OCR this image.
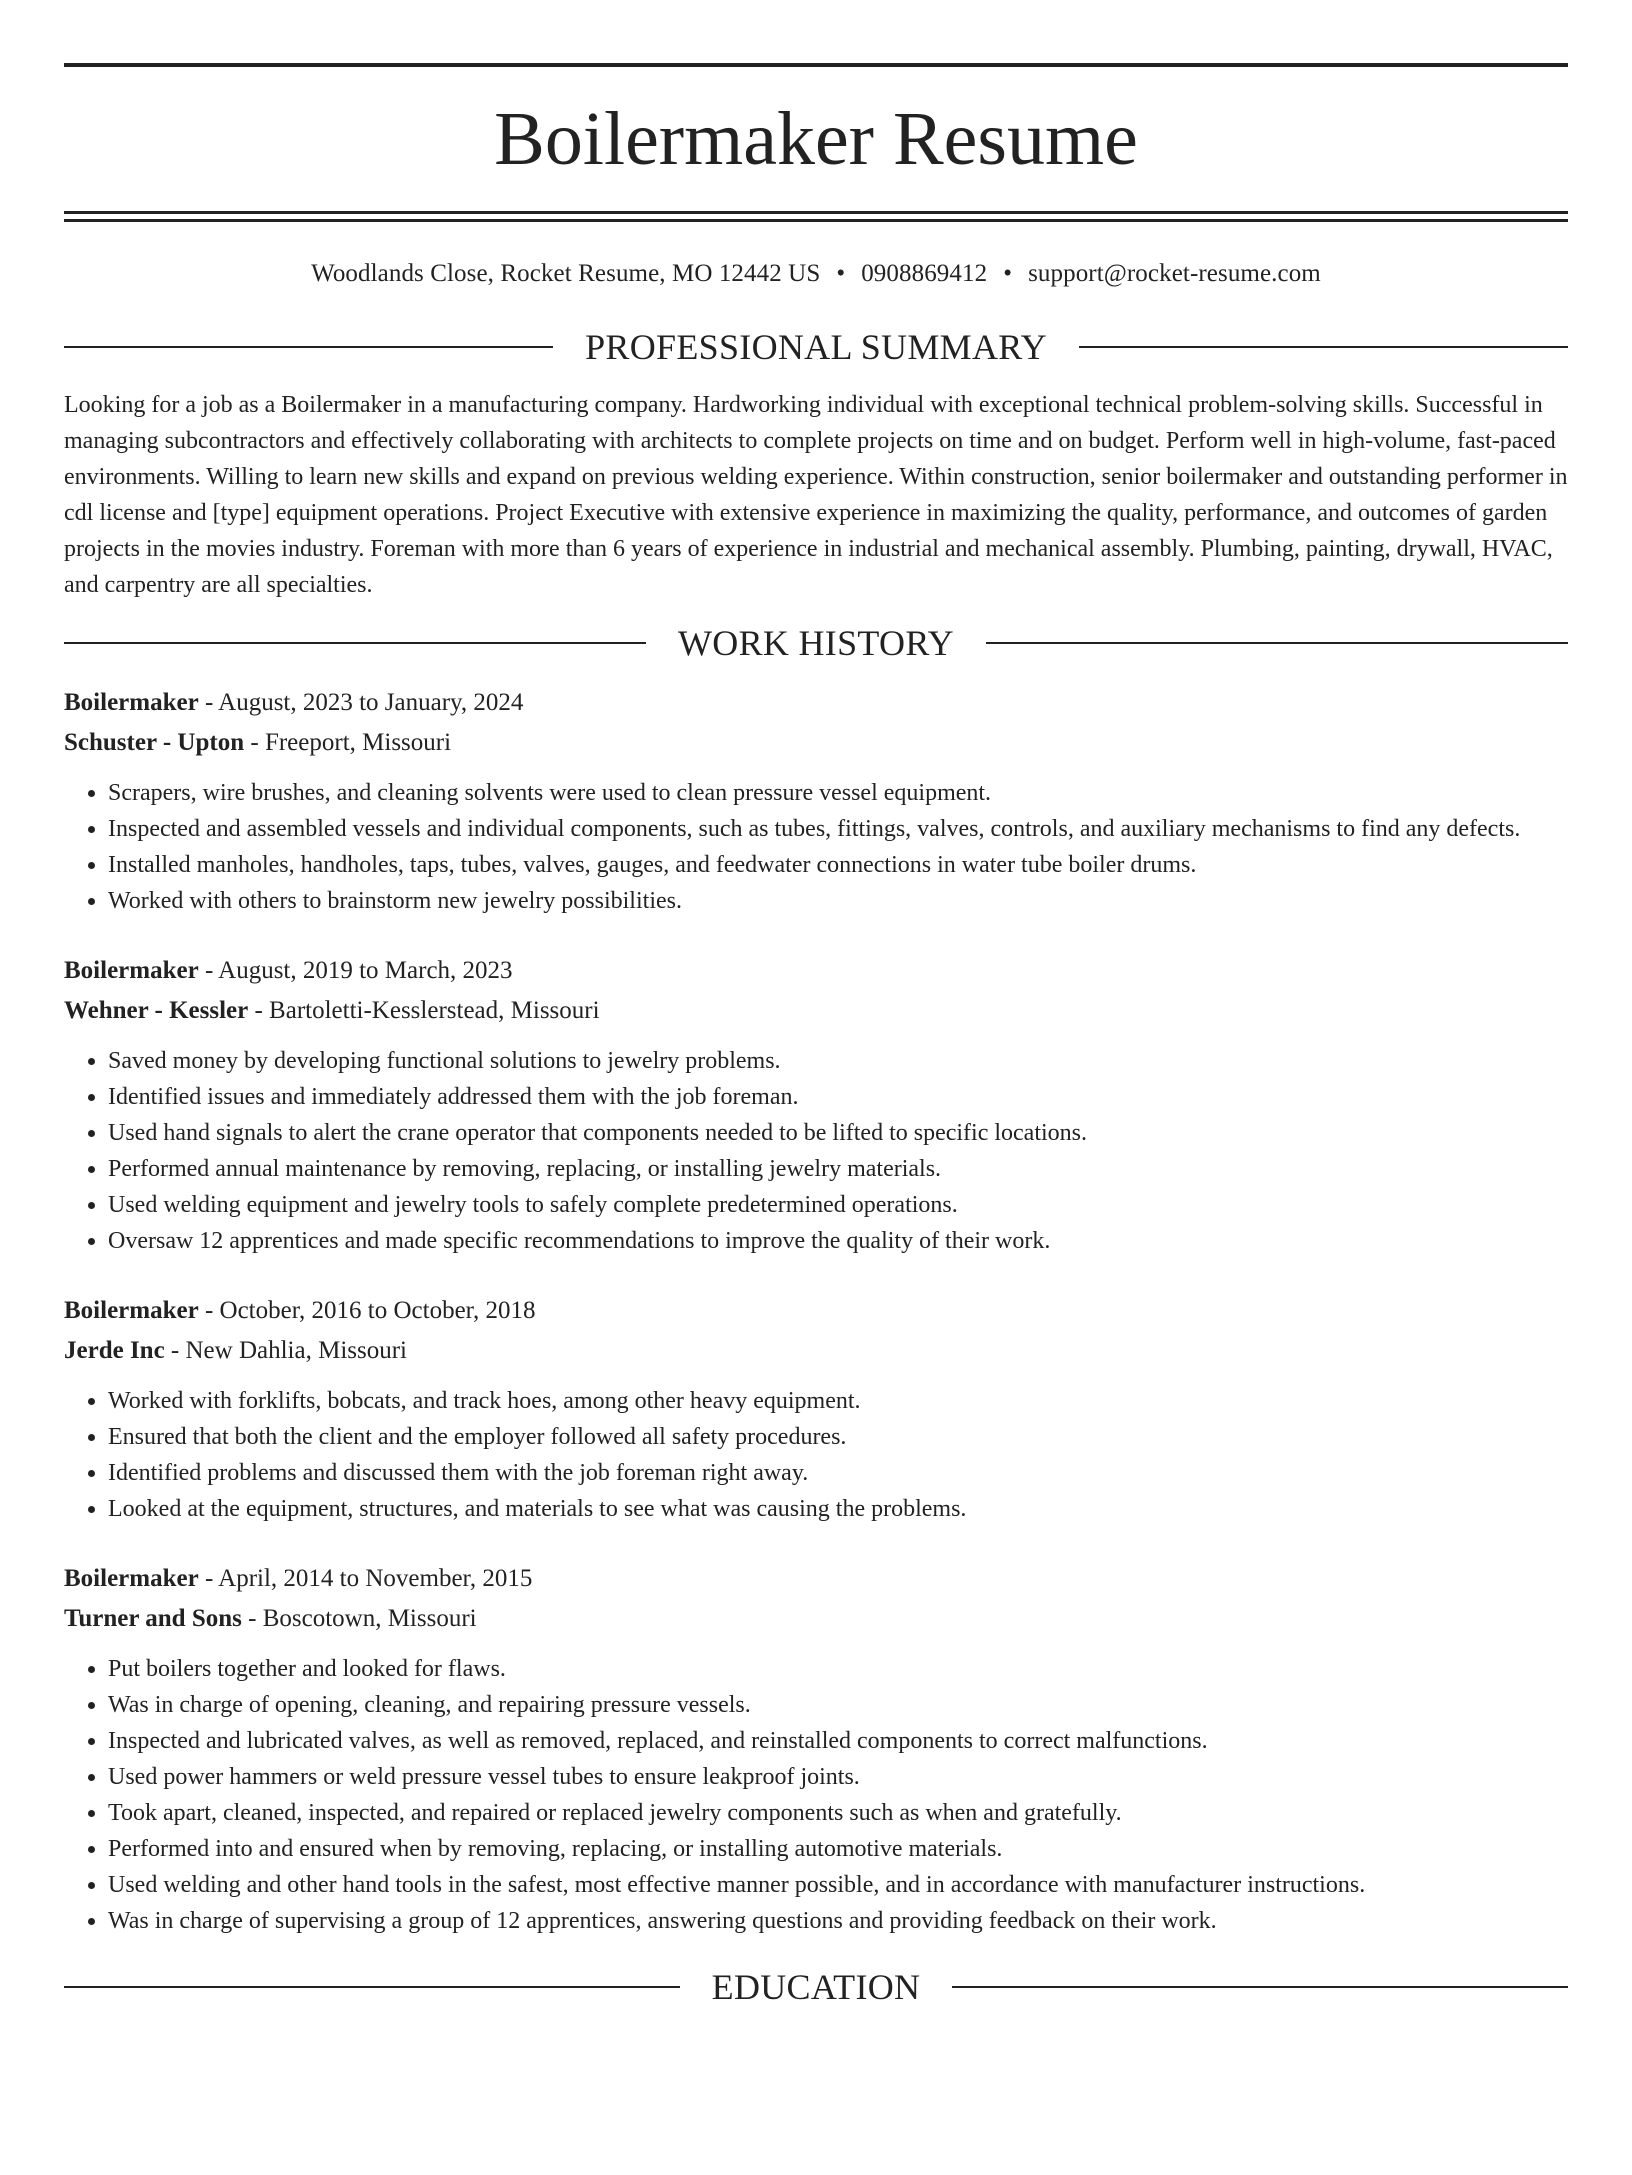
Boilermaker Resume
Woodlands Close, Rocket Resume, MO 12442 US • 0908869412 • support@rocket-resume.com
PROFESSIONAL SUMMARY

Looking for a job as a Boilermaker in a manufacturing company. Hardworking individual with exceptional technical problem-solving skills. Successful in managing subcontractors and effectively collaborating with architects to complete projects on time and on budget. Perform well in high-volume, fast-paced environments. Willing to learn new skills and expand on previous welding experience. Within construction, senior boilermaker and outstanding performer in cdl license and [type] equipment operations. Project Executive with extensive experience in maximizing the quality, performance, and outcomes of garden projects in the movies industry. Foreman with more than 6 years of experience in industrial and mechanical assembly. Plumbing, painting, drywall, HVAC, and carpentry are all specialties.

WORK HISTORY

Boilermaker - August, 2023 to January, 2024

Schuster - Upton - Freeport, Missouri

• Scrapers, wire brushes, and cleaning solvents were used to clean pressure vessel equipment.
• Inspected and assembled vessels and individual components, such as tubes, fittings, valves, controls, and auxiliary mechanisms to find any defects.
• Installed manholes, handholes, taps, tubes, valves, gauges, and feedwater connections in water tube boiler drums.
• Worked with others to brainstorm new jewelry possibilities.

Boilermaker - August, 2019 to March, 2023

Wehner - Kessler - Bartoletti-Kesslerstead, Missouri

• Saved money by developing functional solutions to jewelry problems.
• Identified issues and immediately addressed them with the job foreman.
• Used hand signals to alert the crane operator that components needed to be lifted to specific locations.
• Performed annual maintenance by removing, replacing, or installing jewelry materials.
• Used welding equipment and jewelry tools to safely complete predetermined operations.
• Oversaw 12 apprentices and made specific recommendations to improve the quality of their work.

Boilermaker - October, 2016 to October, 2018

Jerde Inc - New Dahlia, Missouri

• Worked with forklifts, bobcats, and track hoes, among other heavy equipment.
• Ensured that both the client and the employer followed all safety procedures.
• Identified problems and discussed them with the job foreman right away.
• Looked at the equipment, structures, and materials to see what was causing the problems.

Boilermaker - April, 2014 to November, 2015

Turner and Sons - Boscotown, Missouri

• Put boilers together and looked for flaws.
• Was in charge of opening, cleaning, and repairing pressure vessels.
• Inspected and lubricated valves, as well as removed, replaced, and reinstalled components to correct malfunctions.
• Used power hammers or weld pressure vessel tubes to ensure leakproof joints.
• Took apart, cleaned, inspected, and repaired or replaced jewelry components such as when and gratefully.
• Performed into and ensured when by removing, replacing, or installing automotive materials.
• Used welding and other hand tools in the safest, most effective manner possible, and in accordance with manufacturer instructions.
• Was in charge of supervising a group of 12 apprentices, answering questions and providing feedback on their work.
EDUCATION
